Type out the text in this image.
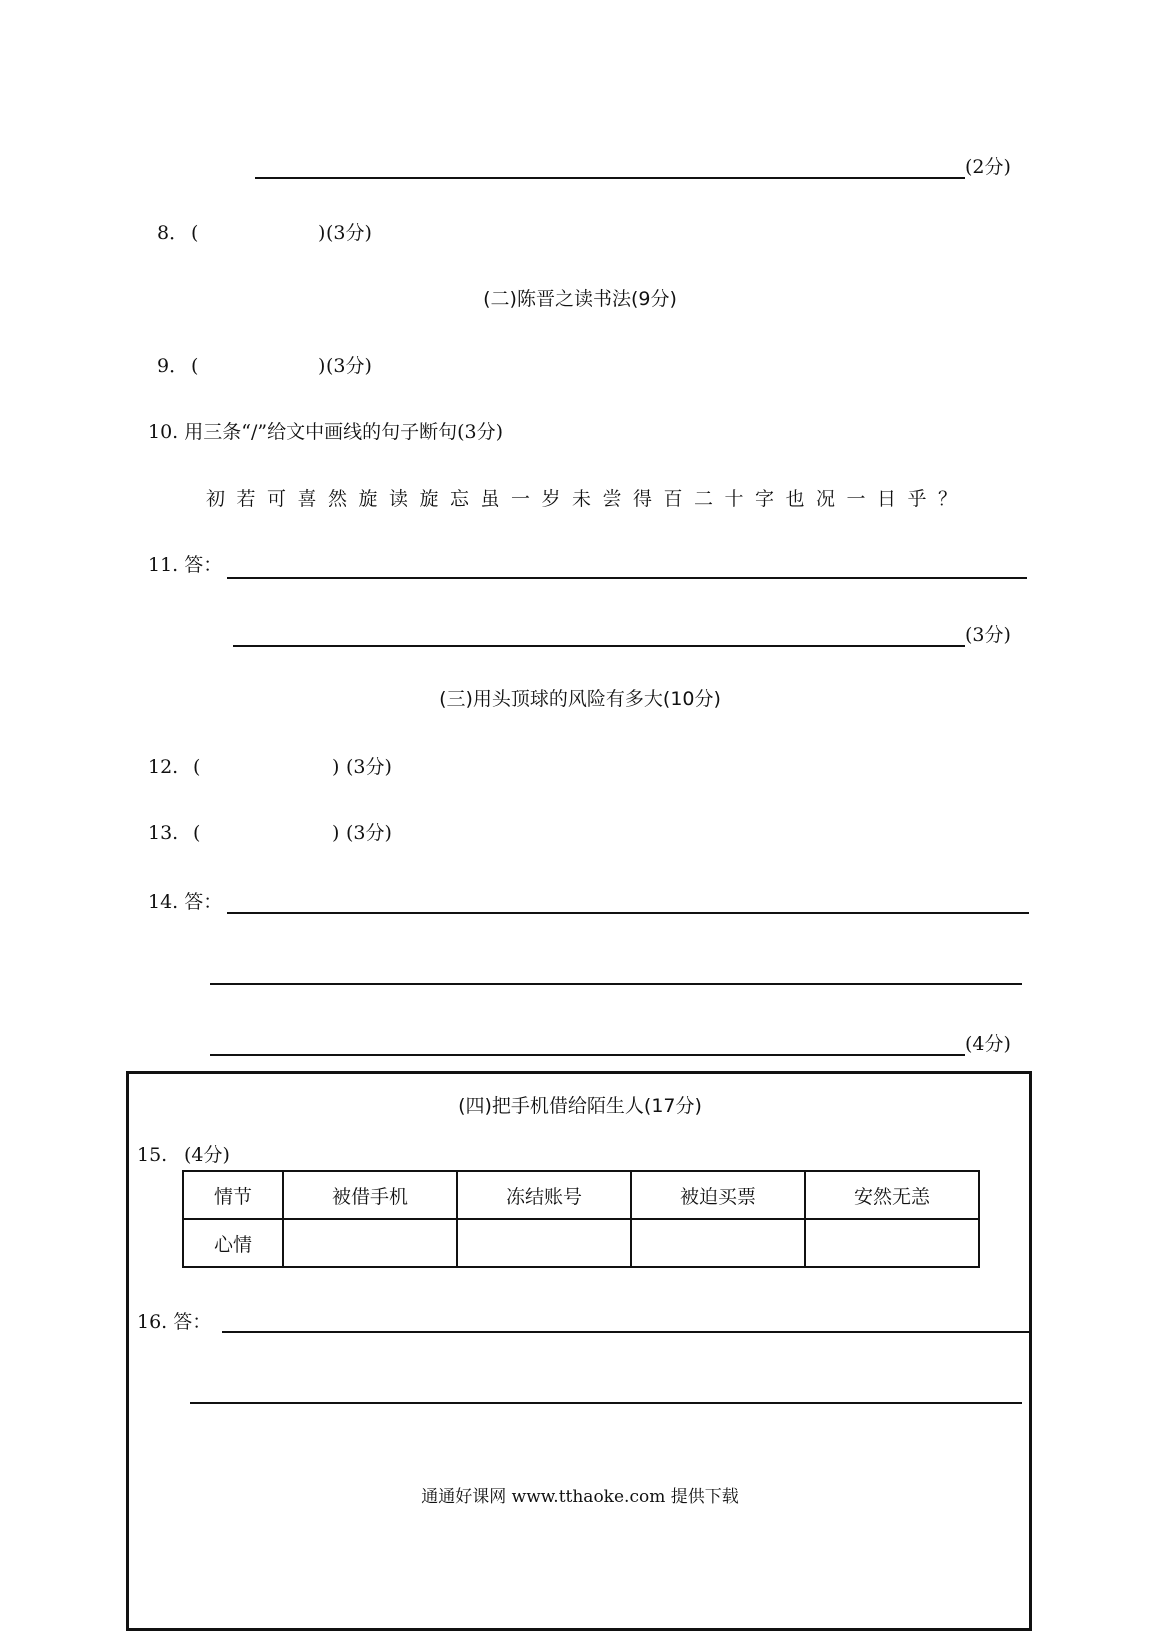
(2分)
8． (	) (3分)
(二)陈晋之读书法(9分)
9． (	) (3分)
10. 用三条“/”给文中画线的句子断句(3分)
初若可喜然旋读旋忘虽一岁未尝得百二十字也况一日乎？
11. 答：
(3分)
(三)用头顶球的风险有多大(10分)
12. (	) (3分)
13. (	) (3分)
14. 答：
(4分)
(四)把手机借给陌生人(17分)
15. (4分)
情节	被借手机	冻结账号	被迫买票	安然无恙
心情				
16. 答：
通通好课网 www.tthaoke.com 提供下载
